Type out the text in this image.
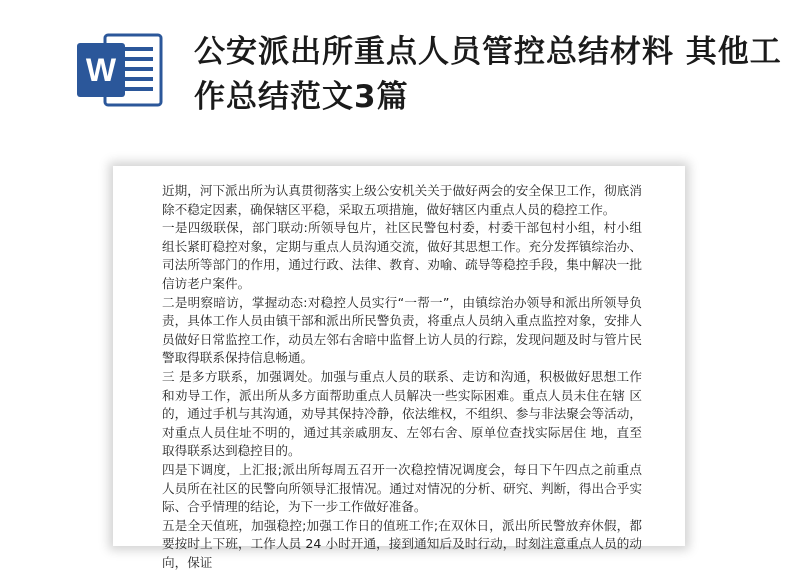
W	公安派出所重点人员管控总结材料 其他工作总结范文3篇

近期，河下派出所为认真贯彻落实上级公安机关关于做好两会的安全保卫工作，彻底消除不稳定因素，确保辖区平稳，采取五项措施，做好辖区内重点人员的稳控工作。

一是四级联保，部门联动:所领导包片，社区民警包村委，村委干部包村小组，村小组组长紧盯稳控对象，定期与重点人员沟通交流，做好其思想工作。充分发挥镇综治办、司法所等部门的作用，通过行政、法律、教育、劝喻、疏导等稳控手段，集中解决一批信访老户案件。

二是明察暗访，掌握动态:对稳控人员实行“一帮一”，由镇综治办领导和派出所领导负责，具体工作人员由镇干部和派出所民警负责，将重点人员纳入重点监控对象，安排人员做好日常监控工作，动员左邻右舍暗中监督上访人员的行踪，发现问题及时与管片民警取得联系保持信息畅通。

三 是多方联系，加强调处。加强与重点人员的联系、走访和沟通，积极做好思想工作和劝导工作，派出所从多方面帮助重点人员解决一些实际困难。重点人员未住在辖 区的，通过手机与其沟通，劝导其保持冷静，依法维权，不组织、参与非法聚会等活动，对重点人员住址不明的，通过其亲戚朋友、左邻右舍、原单位查找实际居住 地，直至取得联系达到稳控目的。

四是下调度，上汇报;派出所每周五召开一次稳控情况调度会，每日下午四点之前重点人员所在社区的民警向所领导汇报情况。通过对情况的分析、研究、判断，得出合乎实际、合乎情理的结论，为下一步工作做好准备。

五是全天值班，加强稳控;加强工作日的值班工作;在双休日，派出所民警放弃休假，都要按时上下班，工作人员 24 小时开通，接到通知后及时行动，时刻注意重点人员的动向，保证
